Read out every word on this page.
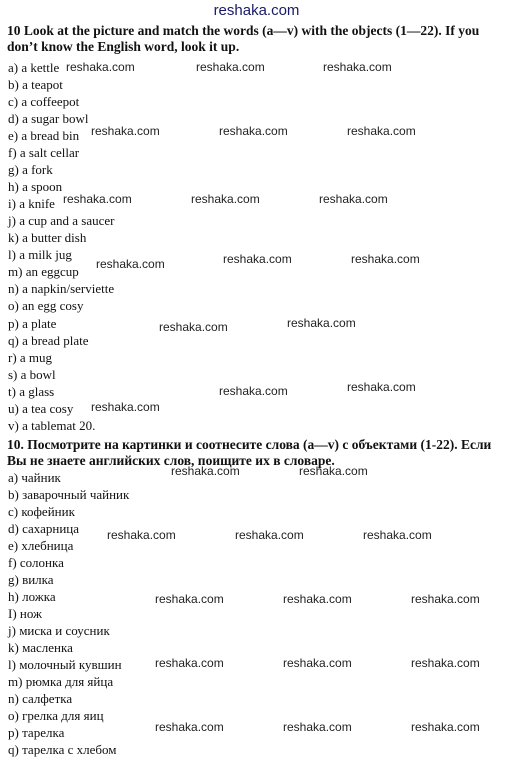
reshaka.com
10 Look at the picture and match the words (a—v) with the objects (1—22). If you don’t know the English word, look it up.
a) a kettle
b) a teapot
c) a coffeepot
d) a sugar bowl
e) a bread bin
f) a salt cellar
g) a fork
h) a spoon
i) a knife
j) a cup and a saucer
k) a butter dish
l) a milk jug
m) an eggcup
n) a napkin/serviette
o) an egg cosy
p) a plate
q) a bread plate
r) a mug
s) a bowl
t) a glass
u) a tea cosy
v) a tablemat 20.
10. Посмотрите на картинки и соотнесите слова (a—v) с объектами (1-22). Если Вы не знаете английских слов, поищите их в словаре.
a) чайник
b) заварочный чайник
c) кофейник
d) сахарница
e) хлебница
f) солонка
g) вилка
h) ложка
I) нож
j) миска и соусник
k) масленка
l) молочный кувшин
m) рюмка для яйца
n) салфетка
o) грелка для яиц
p) тарелка
q) тарелка с хлебом
reshaka.com	reshaka.com	reshaka.com
reshaka.com	reshaka.com	reshaka.com
reshaka.com	reshaka.com	reshaka.com
reshaka.com	reshaka.com	reshaka.com
reshaka.com	reshaka.com
reshaka.com	reshaka.com
reshaka.com
reshaka.com	reshaka.com
reshaka.com	reshaka.com	reshaka.com
reshaka.com	reshaka.com	reshaka.com
reshaka.com	reshaka.com	reshaka.com
reshaka.com	reshaka.com	reshaka.com
